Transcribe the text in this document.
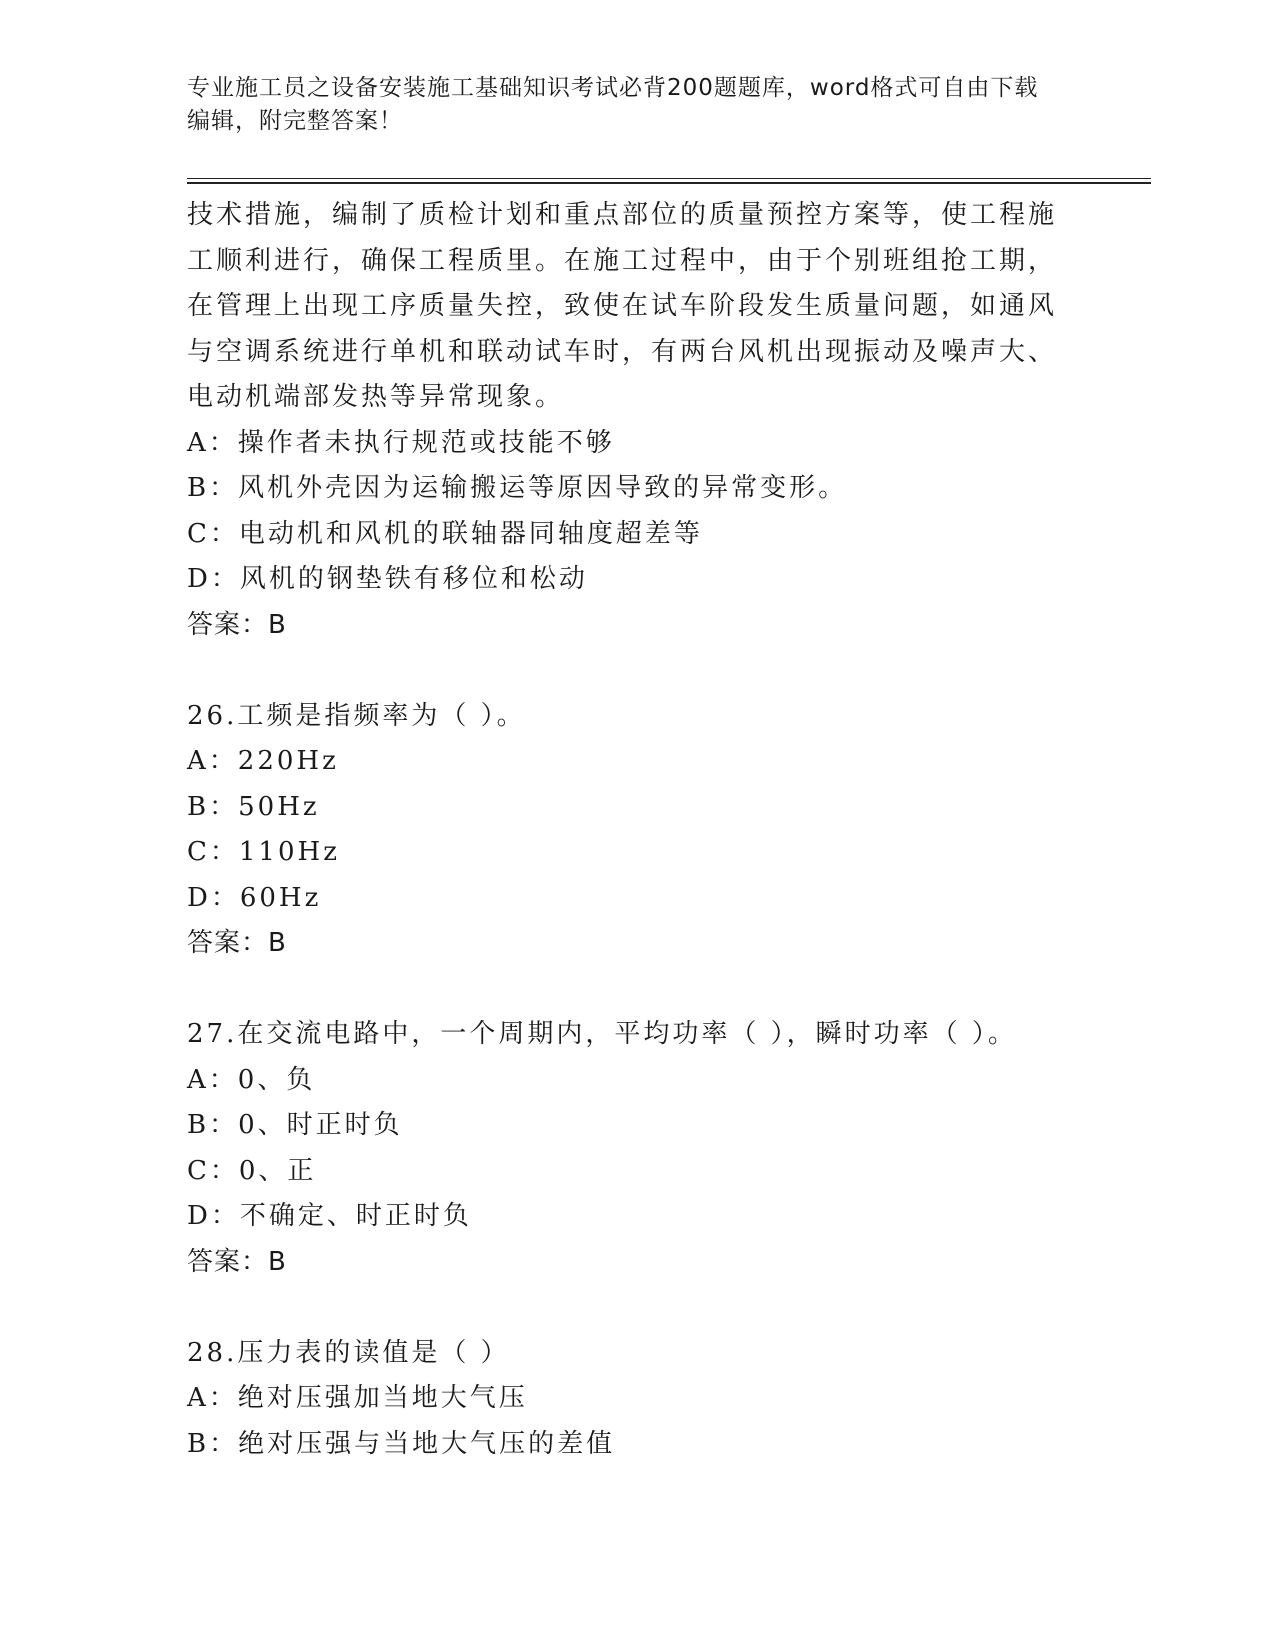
专业施工员之设备安装施工基础知识考试必背200题题库，word格式可自由下载
编辑，附完整答案！
技术措施，编制了质检计划和重点部位的质量预控方案等，使工程施
工顺利进行，确保工程质里。在施工过程中，由于个别班组抢工期，
在管理上出现工序质量失控，致使在试车阶段发生质量问题，如通风
与空调系统进行单机和联动试车时，有两台风机出现振动及噪声大、
电动机端部发热等异常现象。
A：操作者未执行规范或技能不够
B：风机外壳因为运输搬运等原因导致的异常变形。
C：电动机和风机的联轴器同轴度超差等
D：风机的钢垫铁有移位和松动
答案：B
26.工频是指频率为（ ）。
A：220Hz
B：50Hz
C：110Hz
D：60Hz
答案：B
27.在交流电路中，一个周期内，平均功率（ ），瞬时功率（ ）。
A：0、负
B：0、时正时负
C：0、正
D：不确定、时正时负
答案：B
28.压力表的读值是（ ）
A：绝对压强加当地大气压
B：绝对压强与当地大气压的差值
